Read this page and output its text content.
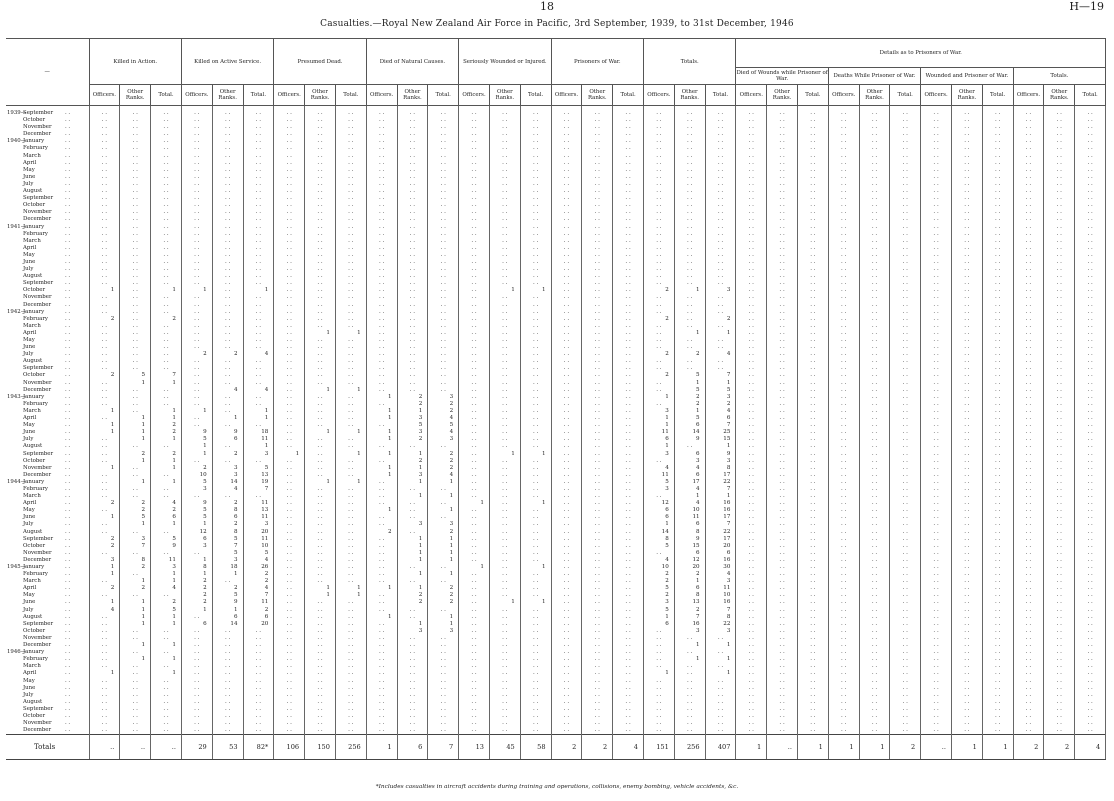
18	H—19
Casualties.—Royal New Zealand Air Force in Pacific, 3rd September, 1939, to 31st December, 1946
—	Killed in Action.			Killed on Active Service.			Presumed Dead.			Died of Natural Causes.			Seriously Wounded or Injured.			Prisoners of War.			Totals.			Details as to Prisoners of War.											
																						Died of Wounds while Prisoner of War.			Deaths While Prisoner of War.			Wounded and Prisoner of War.			Totals.		
	Officers.	Other Ranks.	Total.	Officers.	Other Ranks.	Total.	Officers.	Other Ranks.	Total.	Officers.	Other Ranks.	Total.	Officers.	Other Ranks.	Total.	Officers.	Other Ranks.	Total.	Officers.	Other Ranks.	Total.	Officers.	Other Ranks.	Total.	Officers.	Other Ranks.	Total.	Officers.	Other Ranks.	Total.	Officers.	Other Ranks.	Total.
1939—September . .	. .	. .	. .	. .	. .	. .	. .	. .	. .	. .	. .	. .	. .	. .	. .	. .	. .	. .	. .	. .	. .	. .	. .	. .	. .	. .	. .	. .	. .	. .	. .	. .	. .
October . .	. .	. .	. .	. .	. .	. .	. .	. .	. .	. .	. .	. .	. .	. .	. .	. .	. .	. .	. .	. .	. .	. .	. .	. .	. .	. .	. .	. .	. .	. .	. .	. .	. .
November . .	. .	. .	. .	. .	. .	. .	. .	. .	. .	. .	. .	. .	. .	. .	. .	. .	. .	. .	. .	. .	. .	. .	. .	. .	. .	. .	. .	. .	. .	. .	. .	. .	. .
December . .	. .	. .	. .	. .	. .	. .	. .	. .	. .	. .	. .	. .	. .	. .	. .	. .	. .	. .	. .	. .	. .	. .	. .	. .	. .	. .	. .	. .	. .	. .	. .	. .	. .
1940—January . .	. .	. .	. .	. .	. .	. .	. .	. .	. .	. .	. .	. .	. .	. .	. .	. .	. .	. .	. .	. .	. .	. .	. .	. .	. .	. .	. .	. .	. .	. .	. .	. .	. .
February . .	. .	. .	. .	. .	. .	. .	. .	. .	. .	. .	. .	. .	. .	. .	. .	. .	. .	. .	. .	. .	. .	. .	. .	. .	. .	. .	. .	. .	. .	. .	. .	. .	. .
March . .	. .	. .	. .	. .	. .	. .	. .	. .	. .	. .	. .	. .	. .	. .	. .	. .	. .	. .	. .	. .	. .	. .	. .	. .	. .	. .	. .	. .	. .	. .	. .	. .	. .
April . .	. .	. .	. .	. .	. .	. .	. .	. .	. .	. .	. .	. .	. .	. .	. .	. .	. .	. .	. .	. .	. .	. .	. .	. .	. .	. .	. .	. .	. .	. .	. .	. .	. .
May . .	. .	. .	. .	. .	. .	. .	. .	. .	. .	. .	. .	. .	. .	. .	. .	. .	. .	. .	. .	. .	. .	. .	. .	. .	. .	. .	. .	. .	. .	. .	. .	. .	. .
June . .	. .	. .	. .	. .	. .	. .	. .	. .	. .	. .	. .	. .	. .	. .	. .	. .	. .	. .	. .	. .	. .	. .	. .	. .	. .	. .	. .	. .	. .	. .	. .	. .	. .
July . .	. .	. .	. .	. .	. .	. .	. .	. .	. .	. .	. .	. .	. .	. .	. .	. .	. .	. .	. .	. .	. .	. .	. .	. .	. .	. .	. .	. .	. .	. .	. .	. .	. .
August . .	. .	. .	. .	. .	. .	. .	. .	. .	. .	. .	. .	. .	. .	. .	. .	. .	. .	. .	. .	. .	. .	. .	. .	. .	. .	. .	. .	. .	. .	. .	. .	. .	. .
September . .	. .	. .	. .	. .	. .	. .	. .	. .	. .	. .	. .	. .	. .	. .	. .	. .	. .	. .	. .	. .	. .	. .	. .	. .	. .	. .	. .	. .	. .	. .	. .	. .	. .
October . .	. .	. .	. .	. .	. .	. .	. .	. .	. .	. .	. .	. .	. .	. .	. .	. .	. .	. .	. .	. .	. .	. .	. .	. .	. .	. .	. .	. .	. .	. .	. .	. .	. .
November . .	. .	. .	. .	. .	. .	. .	. .	. .	. .	. .	. .	. .	. .	. .	. .	. .	. .	. .	. .	. .	. .	. .	. .	. .	. .	. .	. .	. .	. .	. .	. .	. .	. .
December . .	. .	. .	. .	. .	. .	. .	. .	. .	. .	. .	. .	. .	. .	. .	. .	. .	. .	. .	. .	. .	. .	. .	. .	. .	. .	. .	. .	. .	. .	. .	. .	. .	. .
1941—January . .	. .	. .	. .	. .	. .	. .	. .	. .	. .	. .	. .	. .	. .	. .	. .	. .	. .	. .	. .	. .	. .	. .	. .	. .	. .	. .	. .	. .	. .	. .	. .	. .	. .
February . .	. .	. .	. .	. .	. .	. .	. .	. .	. .	. .	. .	. .	. .	. .	. .	. .	. .	. .	. .	. .	. .	. .	. .	. .	. .	. .	. .	. .	. .	. .	. .	. .	. .
March . .	. .	. .	. .	. .	. .	. .	. .	. .	. .	. .	. .	. .	. .	. .	. .	. .	. .	. .	. .	. .	. .	. .	. .	. .	. .	. .	. .	. .	. .	. .	. .	. .	. .
April . .	. .	. .	. .	. .	. .	. .	. .	. .	. .	. .	. .	. .	. .	. .	. .	. .	. .	. .	. .	. .	. .	. .	. .	. .	. .	. .	. .	. .	. .	. .	. .	. .	. .
May . .	. .	. .	. .	. .	. .	. .	. .	. .	. .	. .	. .	. .	. .	. .	. .	. .	. .	. .	. .	. .	. .	. .	. .	. .	. .	. .	. .	. .	. .	. .	. .	. .	. .
June . .	. .	. .	. .	. .	. .	. .	. .	. .	. .	. .	. .	. .	. .	. .	. .	. .	. .	. .	. .	. .	. .	. .	. .	. .	. .	. .	. .	. .	. .	. .	. .	. .	. .
July . .	. .	. .	. .	. .	. .	. .	. .	. .	. .	. .	. .	. .	. .	. .	. .	. .	. .	. .	. .	. .	. .	. .	. .	. .	. .	. .	. .	. .	. .	. .	. .	. .	. .
August . .	. .	. .	. .	. .	. .	. .	. .	. .	. .	. .	. .	. .	. .	. .	. .	. .	. .	. .	. .	. .	. .	. .	. .	. .	. .	. .	. .	. .	. .	. .	. .	. .	. .
September . .	. .	. .	. .	. .	. .	. .	. .	. .	. .	. .	. .	. .	. .	. .	. .	. .	. .	. .	. .	. .	. .	. .	. .	. .	. .	. .	. .	. .	. .	. .	. .	. .	. .
October . .	1	. .	1	1	. .	1	. .	. .	. .	. .	. .	. .	. .	1	1	. .	. .	. .	2	1	3	. .	. .	. .	. .	. .	. .	. .	. .	. .	. .	. .	. .
November . .	. .	. .	. .	. .	. .	. .	. .	. .	. .	. .	. .	. .	. .	. .	. .	. .	. .	. .	. .	. .	. .	. .	. .	. .	. .	. .	. .	. .	. .	. .	. .	. .	. .
December . .	. .	. .	. .	. .	. .	. .	. .	. .	. .	. .	. .	. .	. .	. .	. .	. .	. .	. .	. .	. .	. .	. .	. .	. .	. .	. .	. .	. .	. .	. .	. .	. .	. .
1942—January . .	. .	. .	. .	. .	. .	. .	. .	. .	. .	. .	. .	. .	. .	. .	. .	. .	. .	. .	. .	. .	. .	. .	. .	. .	. .	. .	. .	. .	. .	. .	. .	. .	. .
February . .	2	. .	2	. .	. .	. .	. .	. .	. .	. .	. .	. .	. .	. .	. .	. .	. .	. .	2	. .	2	. .	. .	. .	. .	. .	. .	. .	. .	. .	. .	. .	. .
March . .	. .	. .	. .	. .	. .	. .	. .	. .	. .	. .	. .	. .	. .	. .	. .	. .	. .	. .	. .	. .	. .	. .	. .	. .	. .	. .	. .	. .	. .	. .	. .	. .	. .
April . .	. .	. .	. .	. .	. .	. .	. .	1	1	. .	. .	. .	. .	. .	. .	. .	. .	. .	. .	1	1	. .	. .	. .	. .	. .	. .	. .	. .	. .	. .	. .	. .
May . .	. .	. .	. .	. .	. .	. .	. .	. .	. .	. .	. .	. .	. .	. .	. .	. .	. .	. .	. .	. .	. .	. .	. .	. .	. .	. .	. .	. .	. .	. .	. .	. .	. .
June . .	. .	. .	. .	. .	. .	. .	. .	. .	. .	. .	. .	. .	. .	. .	. .	. .	. .	. .	. .	. .	. .	. .	. .	. .	. .	. .	. .	. .	. .	. .	. .	. .	. .
July . .	. .	. .	. .	2	2	4	. .	. .	. .	. .	. .	. .	. .	. .	. .	. .	. .	. .	2	2	4	. .	. .	. .	. .	. .	. .	. .	. .	. .	. .	. .	. .
August . .	. .	. .	. .	. .	. .	. .	. .	. .	. .	. .	. .	. .	. .	. .	. .	. .	. .	. .	. .	. .	. .	. .	. .	. .	. .	. .	. .	. .	. .	. .	. .	. .	. .
September . .	. .	. .	. .	. .	. .	. .	. .	. .	. .	. .	. .	. .	. .	. .	. .	. .	. .	. .	. .	. .	. .	. .	. .	. .	. .	. .	. .	. .	. .	. .	. .	. .	. .
October . .	2	5	7	. .	. .	. .	. .	. .	. .	. .	. .	. .	. .	. .	. .	. .	. .	. .	2	5	7	. .	. .	. .	. .	. .	. .	. .	. .	. .	. .	. .	. .
November . .	. .	1	1	. .	. .	. .	. .	. .	. .	. .	. .	. .	. .	. .	. .	. .	. .	. .	. .	1	1	. .	. .	. .	. .	. .	. .	. .	. .	. .	. .	. .	. .
December . .	. .	. .	. .	. .	4	4	. .	1	1	. .	. .	. .	. .	. .	. .	. .	. .	. .	. .	5	5	. .	. .	. .	. .	. .	. .	. .	. .	. .	. .	. .	. .
1943—January . .	. .	. .	. .	. .	. .	. .	. .	. .	. .	1	2	3	. .	. .	. .	. .	. .	. .	1	2	3	. .	. .	. .	. .	. .	. .	. .	. .	. .	. .	. .	. .
February . .	. .	. .	. .	. .	. .	. .	. .	. .	. .	. .	2	2	. .	. .	. .	. .	. .	. .	. .	2	2	. .	. .	. .	. .	. .	. .	. .	. .	. .	. .	. .	. .
March . .	1	. .	1	1	. .	1	. .	. .	. .	1	1	2	. .	. .	. .	. .	. .	. .	3	1	4	. .	. .	. .	. .	. .	. .	. .	. .	. .	. .	. .	. .
April . .	. .	1	1	. .	1	1	. .	. .	. .	1	3	4	. .	. .	. .	. .	. .	. .	1	5	6	. .	. .	. .	. .	. .	. .	. .	. .	. .	. .	. .	. .
May . .	1	1	2	. .	. .	. .	. .	. .	. .	. .	5	5	. .	. .	. .	. .	. .	. .	1	6	7	. .	. .	. .	. .	. .	. .	. .	. .	. .	. .	. .	. .
June . .	1	1	2	9	9	18	. .	1	1	1	3	4	. .	. .	. .	. .	. .	. .	11	14	25	. .	. .	. .	. .	. .	. .	. .	. .	. .	. .	. .	. .
July . .	. .	1	1	5	6	11	. .	. .	. .	1	2	3	. .	. .	. .	. .	. .	. .	6	9	15	. .	. .	. .	. .	. .	. .	. .	. .	. .	. .	. .	. .
August . .	. .	. .	. .	1	. .	1	. .	. .	. .	. .	. .	. .	. .	. .	. .	. .	. .	. .	1	. .	1	. .	. .	. .	. .	. .	. .	. .	. .	. .	. .	. .	. .
September . .	. .	2	2	1	2	3	1	. .	1	1	1	2	. .	1	1	. .	. .	. .	3	6	9	. .	. .	. .	. .	. .	. .	. .	. .	. .	. .	. .	. .
October . .	. .	1	1	. .	. .	. .	. .	. .	. .	. .	2	2	. .	. .	. .	. .	. .	. .	. .	3	3	. .	. .	. .	. .	. .	. .	. .	. .	. .	. .	. .	. .
November . .	1	. .	1	2	3	5	. .	. .	. .	1	1	2	. .	. .	. .	. .	. .	. .	4	4	8	. .	. .	. .	. .	. .	. .	. .	. .	. .	. .	. .	. .
December . .	. .	. .	. .	10	3	13	. .	. .	. .	1	3	4	. .	. .	. .	. .	. .	. .	11	6	17	. .	. .	. .	. .	. .	. .	. .	. .	. .	. .	. .	. .
1944—January . .	. .	1	1	5	14	19	. .	1	1	. .	1	1	. .	. .	. .	. .	. .	. .	5	17	22	. .	. .	. .	. .	. .	. .	. .	. .	. .	. .	. .	. .
February . .	. .	. .	. .	3	4	7	. .	. .	. .	. .	. .	. .	. .	. .	. .	. .	. .	. .	3	4	7	. .	. .	. .	. .	. .	. .	. .	. .	. .	. .	. .	. .
March . .	. .	. .	. .	. .	. .	. .	. .	. .	. .	. .	1	1	. .	. .	. .	. .	. .	. .	. .	1	1	. .	. .	. .	. .	. .	. .	. .	. .	. .	. .	. .	. .
April . .	2	2	4	9	2	11	. .	. .	. .	. .	. .	. .	1	. .	1	. .	. .	. .	12	4	16	. .	. .	. .	. .	. .	. .	. .	. .	. .	. .	. .	. .
May . .	. .	2	2	5	8	13	. .	. .	. .	1	. .	1	. .	. .	. .	. .	. .	. .	6	10	16	. .	. .	. .	. .	. .	. .	. .	. .	. .	. .	. .	. .
June . .	1	5	6	5	6	11	. .	. .	. .	. .	. .	. .	. .	. .	. .	. .	. .	. .	6	11	17	. .	. .	. .	. .	. .	. .	. .	. .	. .	. .	. .	. .
July . .	. .	1	1	1	2	3	. .	. .	. .	. .	3	3	. .	. .	. .	. .	. .	. .	1	6	7	. .	. .	. .	. .	. .	. .	. .	. .	. .	. .	. .	. .
August . .	. .	. .	. .	12	8	20	. .	. .	. .	2	. .	2	. .	. .	. .	. .	. .	. .	14	8	22	. .	. .	. .	. .	. .	. .	. .	. .	. .	. .	. .	. .
September . .	2	3	5	6	5	11	. .	. .	. .	. .	1	1	. .	. .	. .	. .	. .	. .	8	9	17	. .	. .	. .	. .	. .	. .	. .	. .	. .	. .	. .	. .
October . .	2	7	9	3	7	10	. .	. .	. .	. .	1	1	. .	. .	. .	. .	. .	. .	5	15	20	. .	. .	. .	. .	. .	. .	. .	. .	. .	. .	. .	. .
November . .	. .	. .	. .	. .	5	5	. .	. .	. .	. .	1	1	. .	. .	. .	. .	. .	. .	. .	6	6	. .	. .	. .	. .	. .	. .	. .	. .	. .	. .	. .	. .
December . .	3	8	11	1	3	4	. .	. .	. .	. .	1	1	. .	. .	. .	. .	. .	. .	4	12	16	. .	. .	. .	. .	. .	. .	. .	. .	. .	. .	. .	. .
1945—January . .	1	2	3	8	18	26	. .	. .	. .	. .	. .	. .	1	. .	1	. .	. .	. .	10	20	30	. .	. .	. .	. .	. .	. .	. .	. .	. .	. .	. .	. .
February . .	1	. .	1	1	1	2	. .	. .	. .	. .	1	1	. .	. .	. .	. .	. .	. .	2	2	4	. .	. .	. .	. .	. .	. .	. .	. .	. .	. .	. .	. .
March . .	. .	1	1	2	. .	2	. .	. .	. .	. .	. .	. .	. .	. .	. .	. .	. .	. .	2	1	3	. .	. .	. .	. .	. .	. .	. .	. .	. .	. .	. .	. .
April . .	2	2	4	2	2	4	. .	1	1	1	1	2	. .	. .	. .	. .	. .	. .	5	6	11	. .	. .	. .	. .	. .	. .	. .	. .	. .	. .	. .	. .
May . .	. .	. .	. .	2	5	7	. .	1	1	. .	2	2	. .	. .	. .	. .	. .	. .	2	8	10	. .	. .	. .	. .	. .	. .	. .	. .	. .	. .	. .	. .
June . .	1	1	2	2	9	11	. .	. .	. .	. .	2	2	. .	1	1	. .	. .	. .	3	13	16	. .	. .	. .	. .	. .	. .	. .	. .	. .	. .	. .	. .
July . .	4	1	5	1	1	2	. .	. .	. .	. .	. .	. .	. .	. .	. .	. .	. .	. .	5	2	7	. .	. .	. .	. .	. .	. .	. .	. .	. .	. .	. .	. .
August . .	. .	1	1	. .	6	6	. .	. .	. .	1	. .	1	. .	. .	. .	. .	. .	. .	1	7	8	. .	. .	. .	. .	. .	. .	. .	. .	. .	. .	. .	. .
September . .	. .	1	1	6	14	20	. .	. .	. .	. .	1	1	. .	. .	. .	. .	. .	. .	6	16	22	. .	. .	. .	. .	. .	. .	. .	. .	. .	. .	. .	. .
October . .	. .	. .	. .	. .	. .	. .	. .	. .	. .	. .	3	3	. .	. .	. .	. .	. .	. .	. .	3	3	. .	. .	. .	. .	. .	. .	. .	. .	. .	. .	. .	. .
November . .	. .	. .	. .	. .	. .	. .	. .	. .	. .	. .	. .	. .	. .	. .	. .	. .	. .	. .	. .	. .	. .	. .	. .	. .	. .	. .	. .	. .	. .	. .	. .	. .	. .
December . .	. .	1	1	. .	. .	. .	. .	. .	. .	. .	. .	. .	. .	. .	. .	. .	. .	. .	. .	1	1	. .	. .	. .	. .	. .	. .	. .	. .	. .	. .	. .	. .
1946—January . .	. .	. .	. .	. .	. .	. .	. .	. .	. .	. .	. .	. .	. .	. .	. .	. .	. .	. .	. .	. .	. .	. .	. .	. .	. .	. .	. .	. .	. .	. .	. .	. .	. .
February . .	. .	1	1	. .	. .	. .	. .	. .	. .	. .	. .	. .	. .	. .	. .	. .	. .	. .	. .	1	1	. .	. .	. .	. .	. .	. .	. .	. .	. .	. .	. .	. .
March . .	. .	. .	. .	. .	. .	. .	. .	. .	. .	. .	. .	. .	. .	. .	. .	. .	. .	. .	. .	. .	. .	. .	. .	. .	. .	. .	. .	. .	. .	. .	. .	. .	. .
April . .	1	. .	1	. .	. .	. .	. .	. .	. .	. .	. .	. .	. .	. .	. .	. .	. .	. .	1	. .	1	. .	. .	. .	. .	. .	. .	. .	. .	. .	. .	. .	. .
May . .	. .	. .	. .	. .	. .	. .	. .	. .	. .	. .	. .	. .	. .	. .	. .	. .	. .	. .	. .	. .	. .	. .	. .	. .	. .	. .	. .	. .	. .	. .	. .	. .	. .
June . .	. .	. .	. .	. .	. .	. .	. .	. .	. .	. .	. .	. .	. .	. .	. .	. .	. .	. .	. .	. .	. .	. .	. .	. .	. .	. .	. .	. .	. .	. .	. .	. .	. .
July . .	. .	. .	. .	. .	. .	. .	. .	. .	. .	. .	. .	. .	. .	. .	. .	. .	. .	. .	. .	. .	. .	. .	. .	. .	. .	. .	. .	. .	. .	. .	. .	. .	. .
August . .	. .	. .	. .	. .	. .	. .	. .	. .	. .	. .	. .	. .	. .	. .	. .	. .	. .	. .	. .	. .	. .	. .	. .	. .	. .	. .	. .	. .	. .	. .	. .	. .	. .
September . .	. .	. .	. .	. .	. .	. .	. .	. .	. .	. .	. .	. .	. .	. .	. .	. .	. .	. .	. .	. .	. .	. .	. .	. .	. .	. .	. .	. .	. .	. .	. .	. .	. .
October . .	. .	. .	. .	. .	. .	. .	. .	. .	. .	. .	. .	. .	. .	. .	. .	. .	. .	. .	. .	. .	. .	. .	. .	. .	. .	. .	. .	. .	. .	. .	. .	. .	. .
November . .	. .	. .	. .	. .	. .	. .	. .	. .	. .	. .	. .	. .	. .	. .	. .	. .	. .	. .	. .	. .	. .	. .	. .	. .	. .	. .	. .	. .	. .	. .	. .	. .	. .
December . .	. .	. .	. .	. .	. .	. .	. .	. .	. .	. .	. .	. .	. .	. .	. .	. .	. .	. .	. .	. .	. .	. .	. .	. .	. .	. .	. .	. .	. .	. .	. .	. .	. .
Totals	..	..	..	29	53	82*	106	150	256	1	6	7	13	45	58	2	2	4	151	256	407	1	..	1	1	1	2	..	1	1	2	2	4
*Includes casualties in aircraft accidents during training and operations, collisions, enemy bombing, vehicle accidents, &c.
